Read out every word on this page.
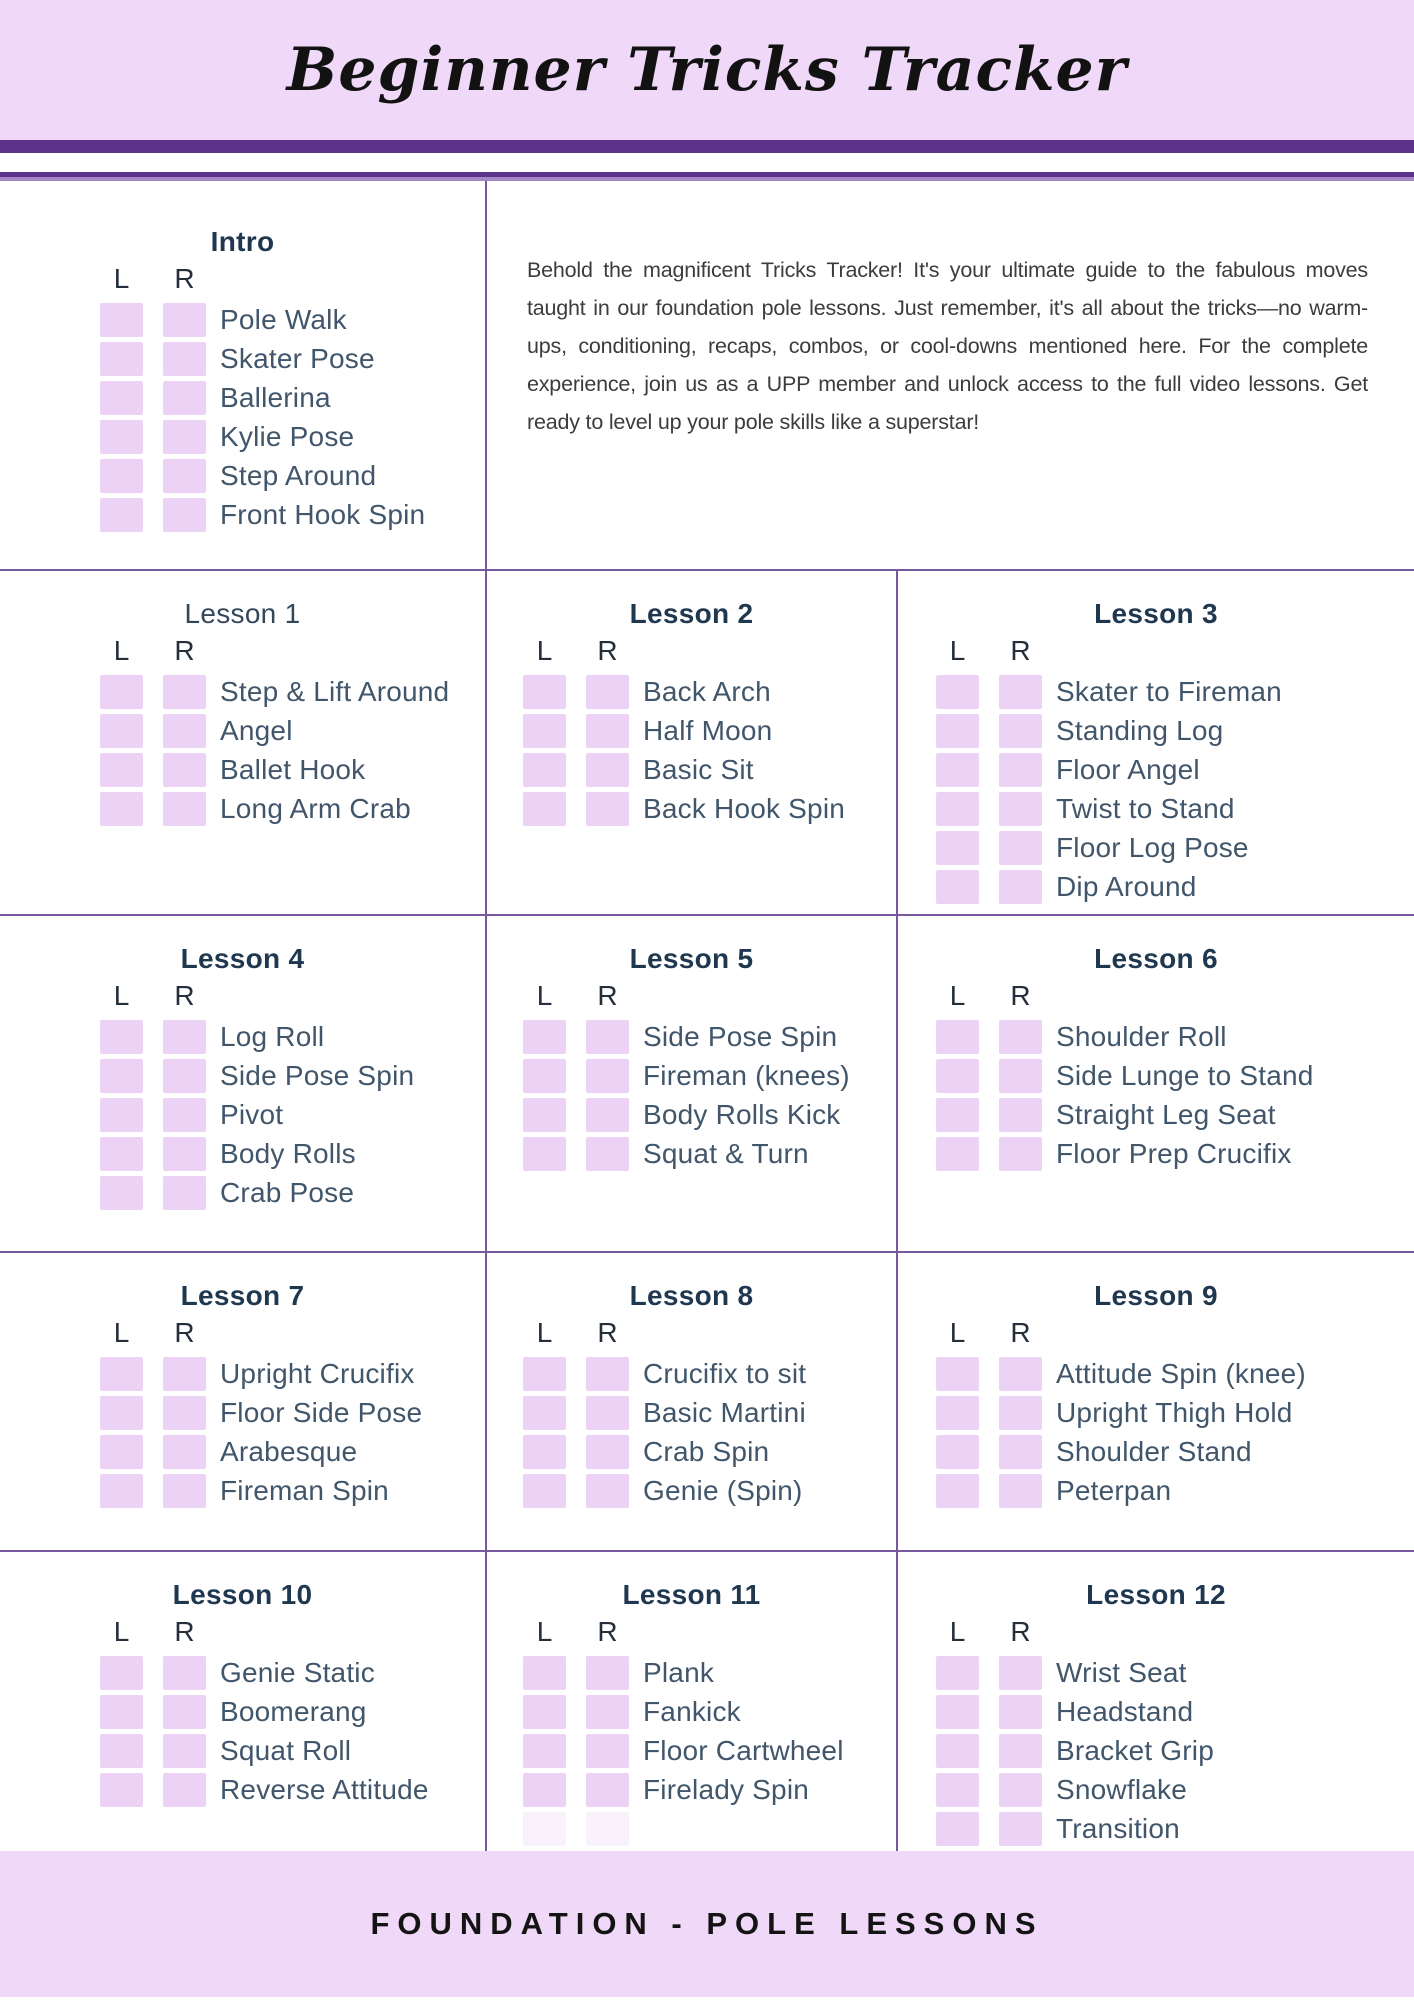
Beginner Tricks Tracker
Intro
L	R
Pole Walk
Skater Pose
Ballerina
Kylie Pose
Step Around
Front Hook Spin

Behold the magnificent Tricks Tracker! It's your ultimate guide to the fabulous moves taught in our foundation pole lessons. Just remember, it's all about the tricks—no warm-ups, conditioning, recaps, combos, or cool-downs mentioned here. For the complete experience, join us as a UPP member and unlock access to the full video lessons. Get ready to level up your pole skills like a superstar!

Lesson 1
L	R
Step & Lift Around
Angel
Ballet Hook
Long Arm Crab
Lesson 2
L	R
Back Arch
Half Moon
Basic Sit
Back Hook Spin
Lesson 3
L	R
Skater to Fireman
Standing Log
Floor Angel
Twist to Stand
Floor Log Pose
Dip Around
Lesson 4
L	R
Log Roll
Side Pose Spin
Pivot
Body Rolls
Crab Pose
Lesson 5
L	R
Side Pose Spin
Fireman (knees)
Body Rolls Kick
Squat & Turn
Lesson 6
L	R
Shoulder Roll
Side Lunge to Stand
Straight Leg Seat
Floor Prep Crucifix
Lesson 7
L	R
Upright Crucifix
Floor Side Pose
Arabesque
Fireman Spin
Lesson 8
L	R
Crucifix to sit
Basic Martini
Crab Spin
Genie (Spin)
Lesson 9
L	R
Attitude Spin (knee)
Upright Thigh Hold
Shoulder Stand
Peterpan
Lesson 10
L	R
Genie Static
Boomerang
Squat Roll
Reverse Attitude
Lesson 11
L	R
Plank
Fankick
Floor Cartwheel
Firelady Spin
Lesson 12
L	R
Wrist Seat
Headstand
Bracket Grip
Snowflake
Transition
FOUNDATION - POLE LESSONS
